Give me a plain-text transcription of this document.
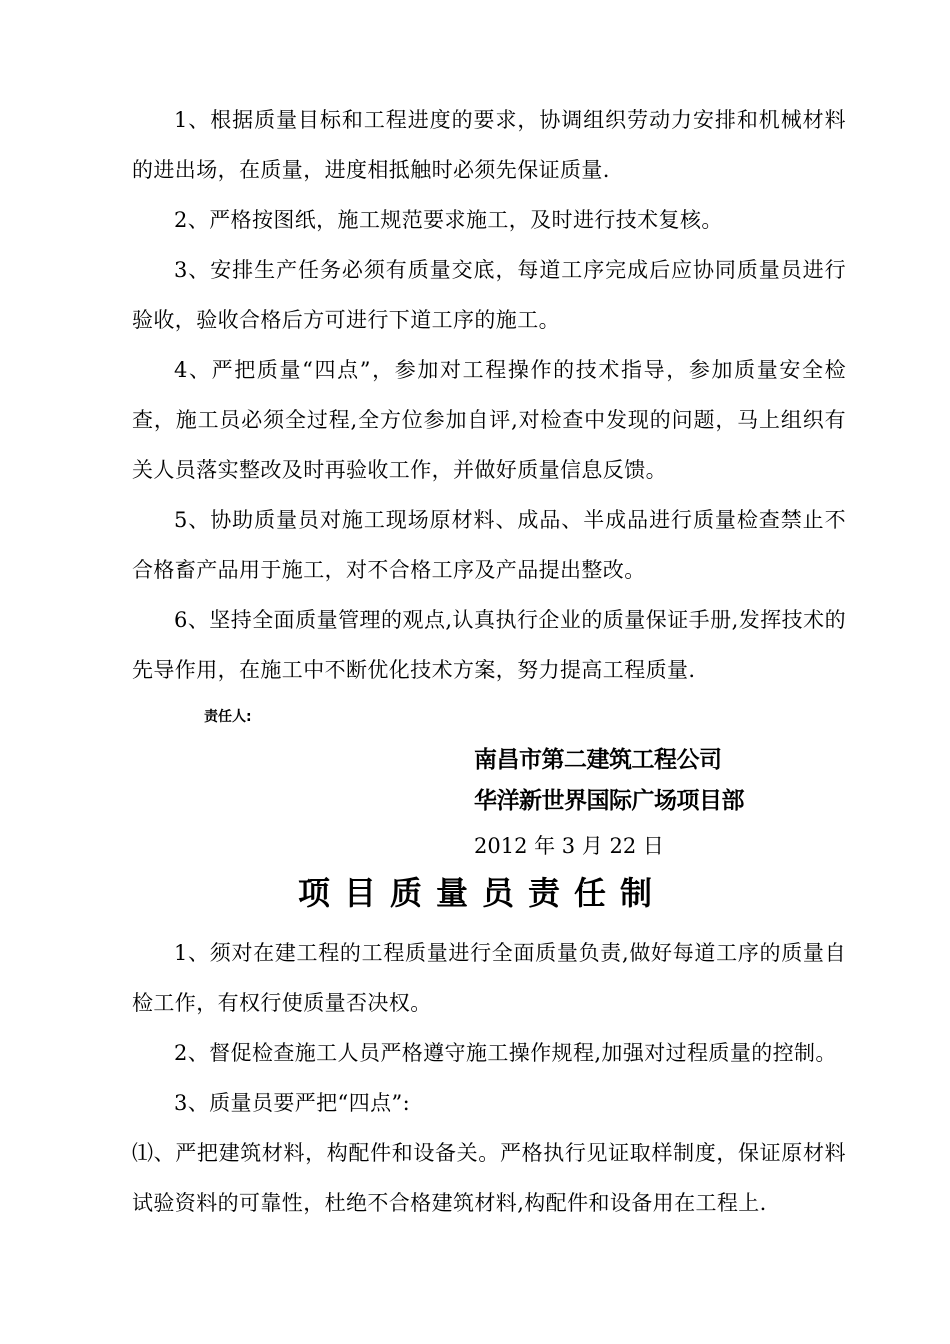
1、根据质量目标和工程进度的要求，协调组织劳动力安排和机械材料的进出场，在质量，进度相抵触时必须先保证质量.

2、严格按图纸，施工规范要求施工，及时进行技术复核。

3、安排生产任务必须有质量交底，每道工序完成后应协同质量员进行验收，验收合格后方可进行下道工序的施工。

4、严把质量“四点”，参加对工程操作的技术指导，参加质量安全检查，施工员必须全过程,全方位参加自评,对检查中发现的问题，马上组织有关人员落实整改及时再验收工作，并做好质量信息反馈。

5、协助质量员对施工现场原材料、成品、半成品进行质量检查禁止不合格畜产品用于施工，对不合格工序及产品提出整改。

6、坚持全面质量管理的观点,认真执行企业的质量保证手册,发挥技术的先导作用，在施工中不断优化技术方案，努力提高工程质量.

责任人:

南昌市第二建筑工程公司

华洋新世界国际广场项目部

2012 年 3 月 22 日

项目质量员责任制

1、须对在建工程的工程质量进行全面质量负责,做好每道工序的质量自检工作，有权行使质量否决权。

2、督促检查施工人员严格遵守施工操作规程,加强对过程质量的控制。

3、质量员要严把“四点”:

⑴、严把建筑材料，构配件和设备关。严格执行见证取样制度，保证原材料试验资料的可靠性，杜绝不合格建筑材料,构配件和设备用在工程上.
